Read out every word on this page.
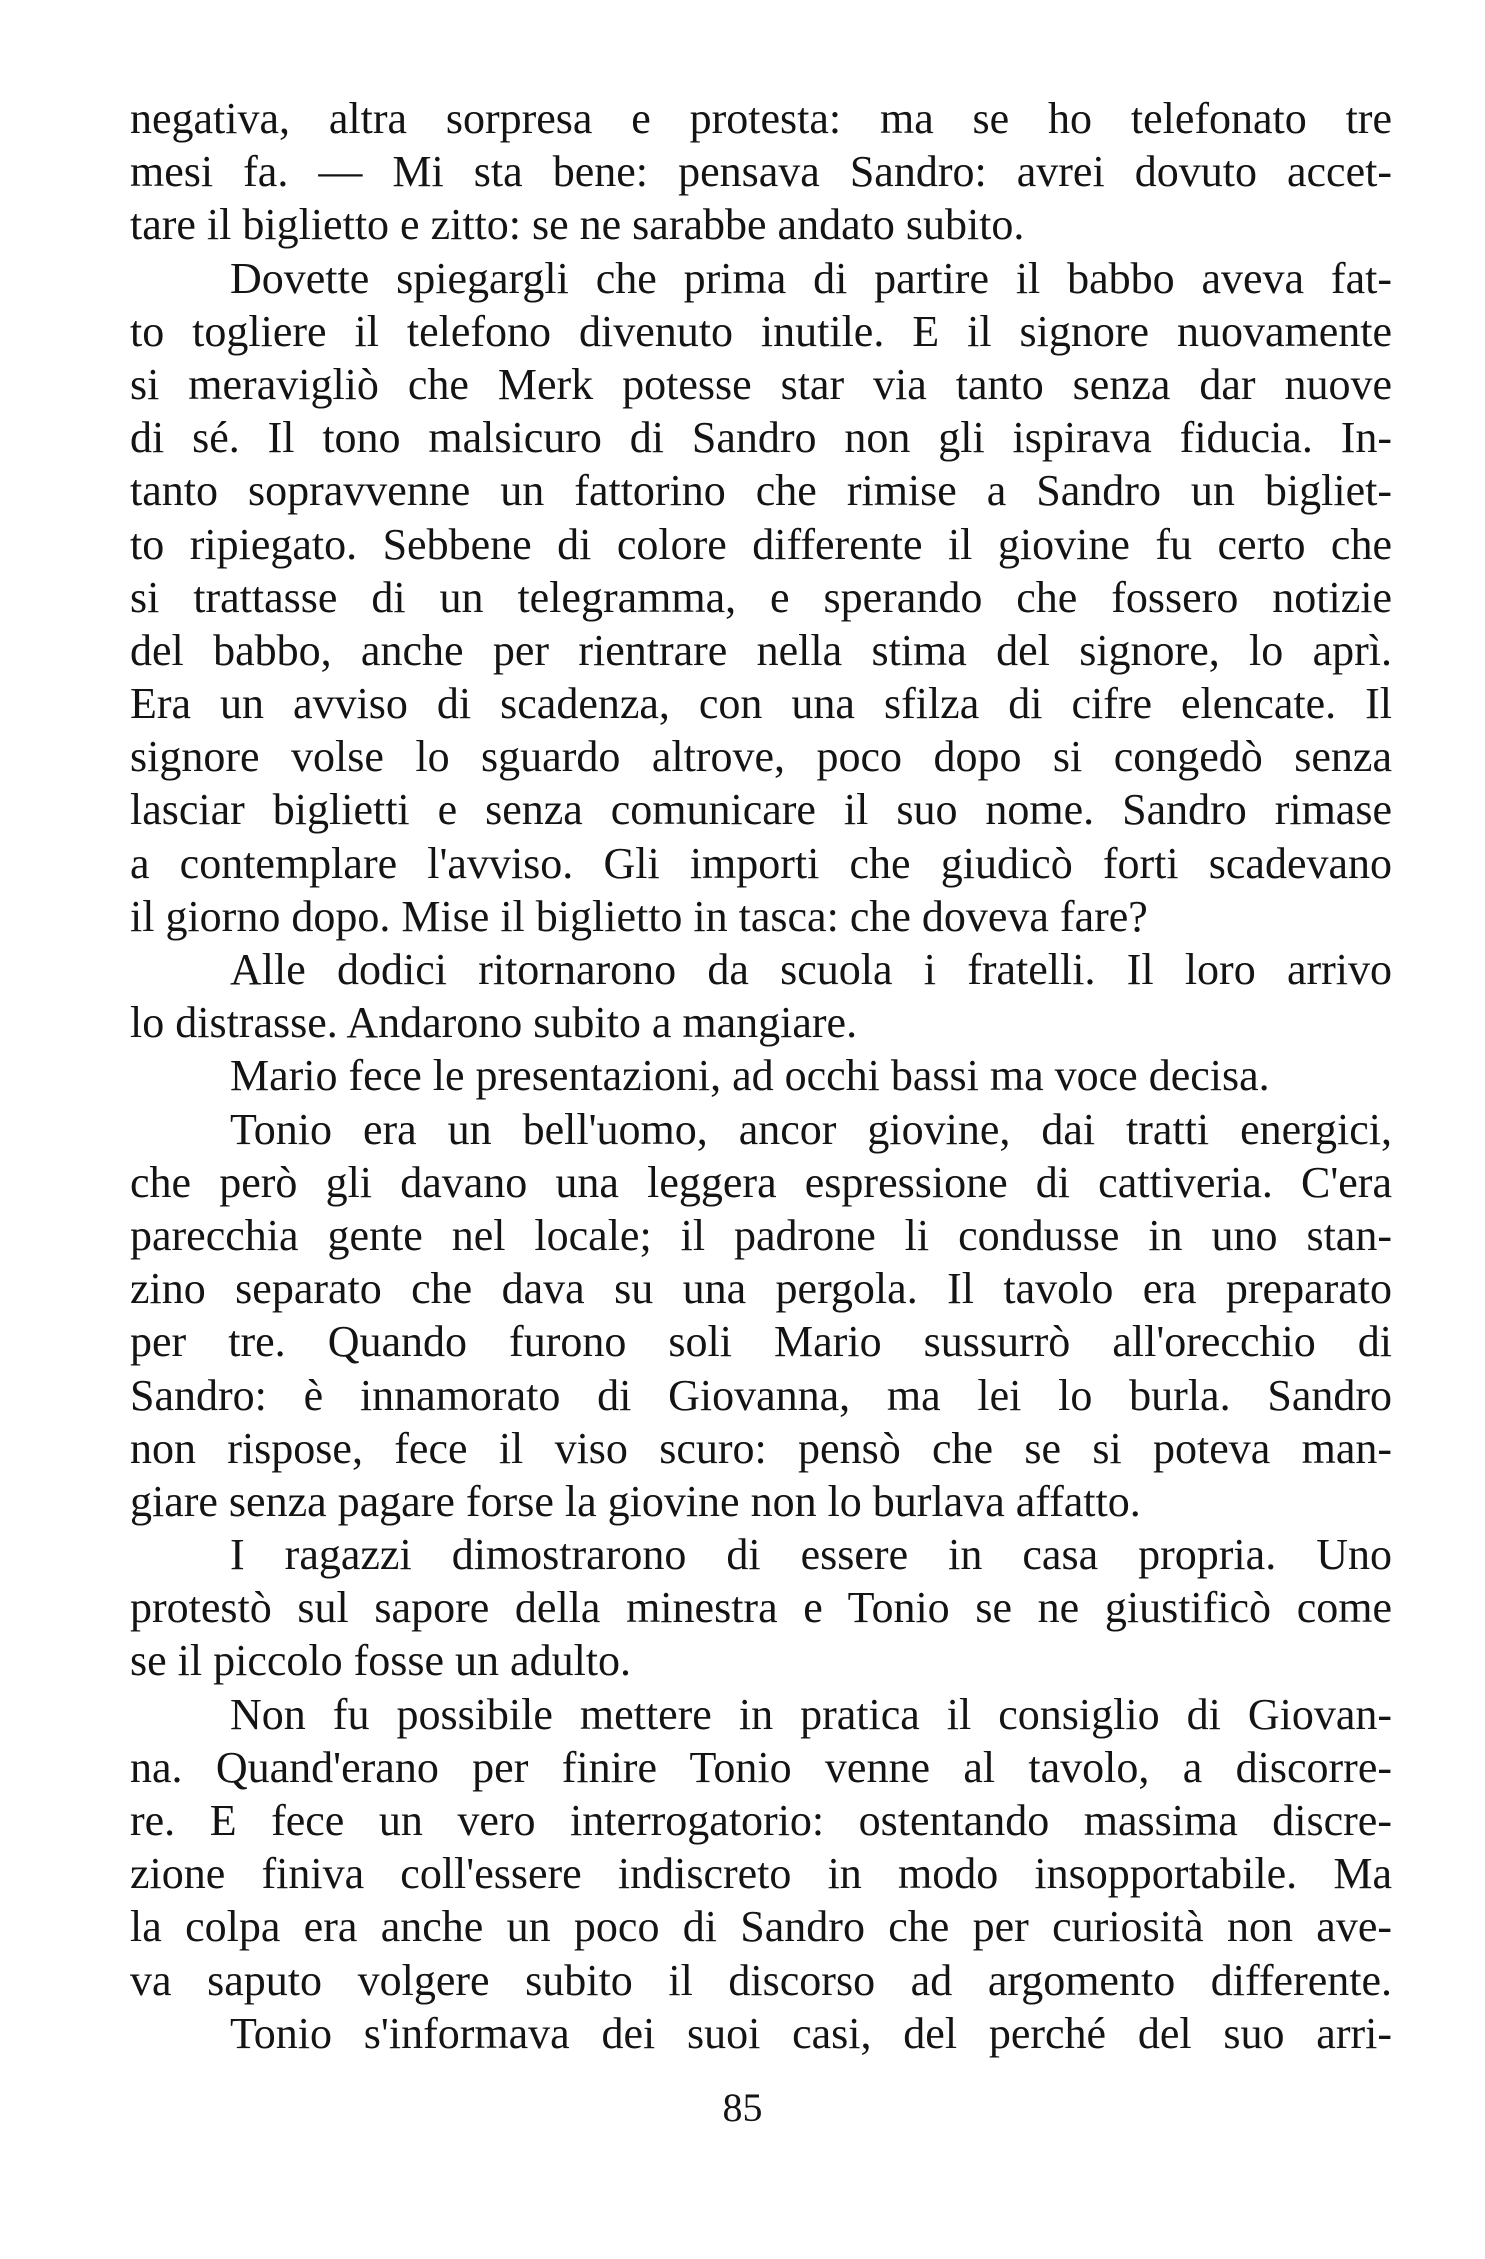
negativa, altra sorpresa e protesta: ma se ho telefonato tre
mesi fa. — Mi sta bene: pensava Sandro: avrei dovuto accet-
tare il biglietto e zitto: se ne sarabbe andato subito.
Dovette spiegargli che prima di partire il babbo aveva fat-
to togliere il telefono divenuto inutile. E il signore nuovamente
si meravigliò che Merk potesse star via tanto senza dar nuove
di sé. Il tono malsicuro di Sandro non gli ispirava fiducia. In-
tanto sopravvenne un fattorino che rimise a Sandro un bigliet-
to ripiegato. Sebbene di colore differente il giovine fu certo che
si trattasse di un telegramma, e sperando che fossero notizie
del babbo, anche per rientrare nella stima del signore, lo aprì.
Era un avviso di scadenza, con una sfilza di cifre elencate. Il
signore volse lo sguardo altrove, poco dopo si congedò senza
lasciar biglietti e senza comunicare il suo nome. Sandro rimase
a contemplare l'avviso. Gli importi che giudicò forti scadevano
il giorno dopo. Mise il biglietto in tasca: che doveva fare?
Alle dodici ritornarono da scuola i fratelli. Il loro arrivo
lo distrasse. Andarono subito a mangiare.
Mario fece le presentazioni, ad occhi bassi ma voce decisa.
Tonio era un bell'uomo, ancor giovine, dai tratti energici,
che però gli davano una leggera espressione di cattiveria. C'era
parecchia gente nel locale; il padrone li condusse in uno stan-
zino separato che dava su una pergola. Il tavolo era preparato
per tre. Quando furono soli Mario sussurrò all'orecchio di
Sandro: è innamorato di Giovanna, ma lei lo burla. Sandro
non rispose, fece il viso scuro: pensò che se si poteva man-
giare senza pagare forse la giovine non lo burlava affatto.
I ragazzi dimostrarono di essere in casa propria. Uno
protestò sul sapore della minestra e Tonio se ne giustificò come
se il piccolo fosse un adulto.
Non fu possibile mettere in pratica il consiglio di Giovan-
na. Quand'erano per finire Tonio venne al tavolo, a discorre-
re. E fece un vero interrogatorio: ostentando massima discre-
zione finiva coll'essere indiscreto in modo insopportabile. Ma
la colpa era anche un poco di Sandro che per curiosità non ave-
va saputo volgere subito il discorso ad argomento differente.
Tonio s'informava dei suoi casi, del perché del suo arri-
85
